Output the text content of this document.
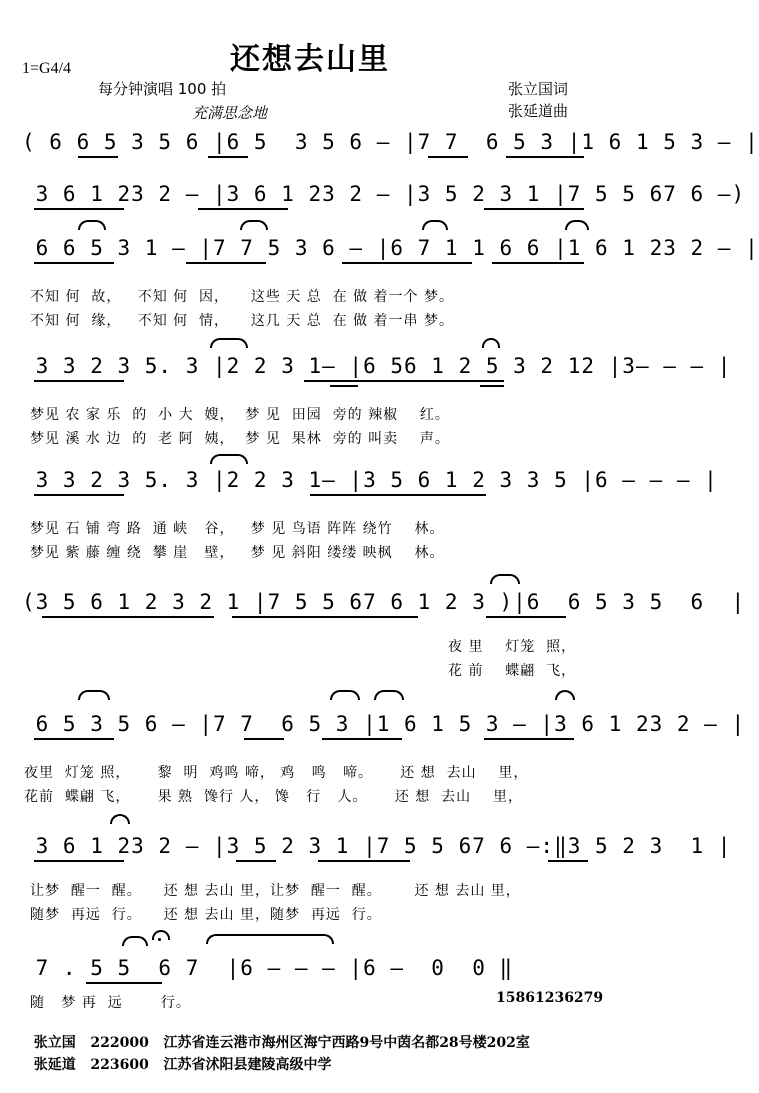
还想去山里
1=G4/4
每分钟演唱 100 拍
充满思念地
张立国词
张延道曲
( 6 6 5 3 5 6 |6 5  3 5 6 — |7 7  6 5 3 |1 6 1 5 3 — |
3 6 1 23 2 — |3 6 1 23 2 — |3 5 2 3 1 |7 5 5 67 6 —)
6 6 5 3 1 — |7 7 5 3 6 — |6 7 1 1 6 6 |1 6 1 23 2 — |
不知 何  故，   不知 何  因，    这些 天 总  在 做 着一个 梦。
不知 何  缘，   不知 何  情，    这几 天 总  在 做 着一串 梦。
3 3 2 3 5. 3 |2 2 3 1— |6 56 1 2 5 3 2 12 |3— — — |
梦见 农 家 乐  的  小 大  嫂，  梦 见  田园  旁的 辣椒    红。
梦见 溪 水 边  的  老 阿  姨，  梦 见  果林  旁的 叫卖    声。
3 3 2 3 5. 3 |2 2 3 1— |3 5 6 1 2 3 3 5 |6 — — — |
梦见 石 铺 弯 路  通 峡   谷，   梦 见 鸟语 阵阵 绕竹    林。
梦见 紫 藤 缠 绕  攀 崖   壁，   梦 见 斜阳 缕缕 映枫    林。
(3 5 6 1 2 3 2 1 |7 5 5 67 6 1 2 3 )|6  6 5 3 5  6  |
夜 里    灯笼  照，
花 前    蝶翩  飞，
6 5 3 5 6 — |7 7  6 5 3 |1 6 1 5 3 — |3 6 1 23 2 — |
夜里  灯笼 照，     黎  明  鸡鸣 啼， 鸡   鸣   啼。     还 想  去山    里，
花前  蝶翩 飞，     果 熟  馋行 人， 馋   行   人。     还 想  去山    里，
3 6 1 23 2 — |3 5 2 3 1 |7 5 5 67 6 —:‖3 5 2 3  1 |
让梦  醒一  醒。    还 想 去山 里，让梦  醒一  醒。      还 想 去山 里，
随梦  再远  行。    还 想 去山 里，随梦  再远  行。
7 . 5 5  6 7  |6 — — — |6 —  0  0 ‖
随   梦 再  远       行。	15861236279

张立国 222000 江苏省连云港市海州区海宁西路9号中茵名都28号楼202室

张延道 223600 江苏省沭阳县建陵高级中学
